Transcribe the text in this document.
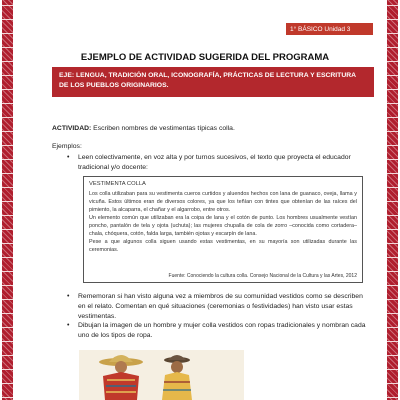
1° BÁSICO Unidad 3
EJEMPLO DE ACTIVIDAD SUGERIDA DEL PROGRAMA
EJE: LENGUA, TRADICIÓN ORAL, ICONOGRAFÍA, PRÁCTICAS DE LECTURA Y ESCRITURA DE LOS PUEBLOS ORIGINARIOS.
ACTIVIDAD: Escriben nombres de vestimentas típicas colla.
Ejemplos:
• Leen colectivamente, en voz alta y por turnos sucesivos, el texto que proyecta el educador tradicional y/o docente:
VESTIMENTA COLLA

Los colla utilizaban para su vestimenta cueros curtidos y aluendos hechos con lana de guanaco, oveja, llama y vicuña. Estos últimos eran de diversos colores, ya que los teñían con tintes que obtenían de las raíces del pimiento, la alcaparra, el chañar y el algarrobo, entre otros.

Un elemento común que utilizaban era la coipa de lana y el cotón de punto. Los hombres usualmente vestían poncho, pantalón de tela y ojota (uchuta); las mujeres chupalla de cola de zorro –conocida como cortadera– chala, chóquera, cotón, falda larga, también ojotas y escarpín de lana.

Pese a que algunos colla siguen usando estas vestimentas, en su mayoría son utilizadas durante las ceremonias.

Fuente: Conociendo la cultura colla. Consejo Nacional de la Cultura y las Artes, 2012
• Rememoran si han visto alguna vez a miembros de su comunidad vestidos como se describen en el relato. Comentan en qué situaciones (ceremonias o festividades) han visto usar estas vestimentas.
• Dibujan la imagen de un hombre y mujer colla vestidos con ropas tradicionales y nombran cada uno de los tipos de ropa.
